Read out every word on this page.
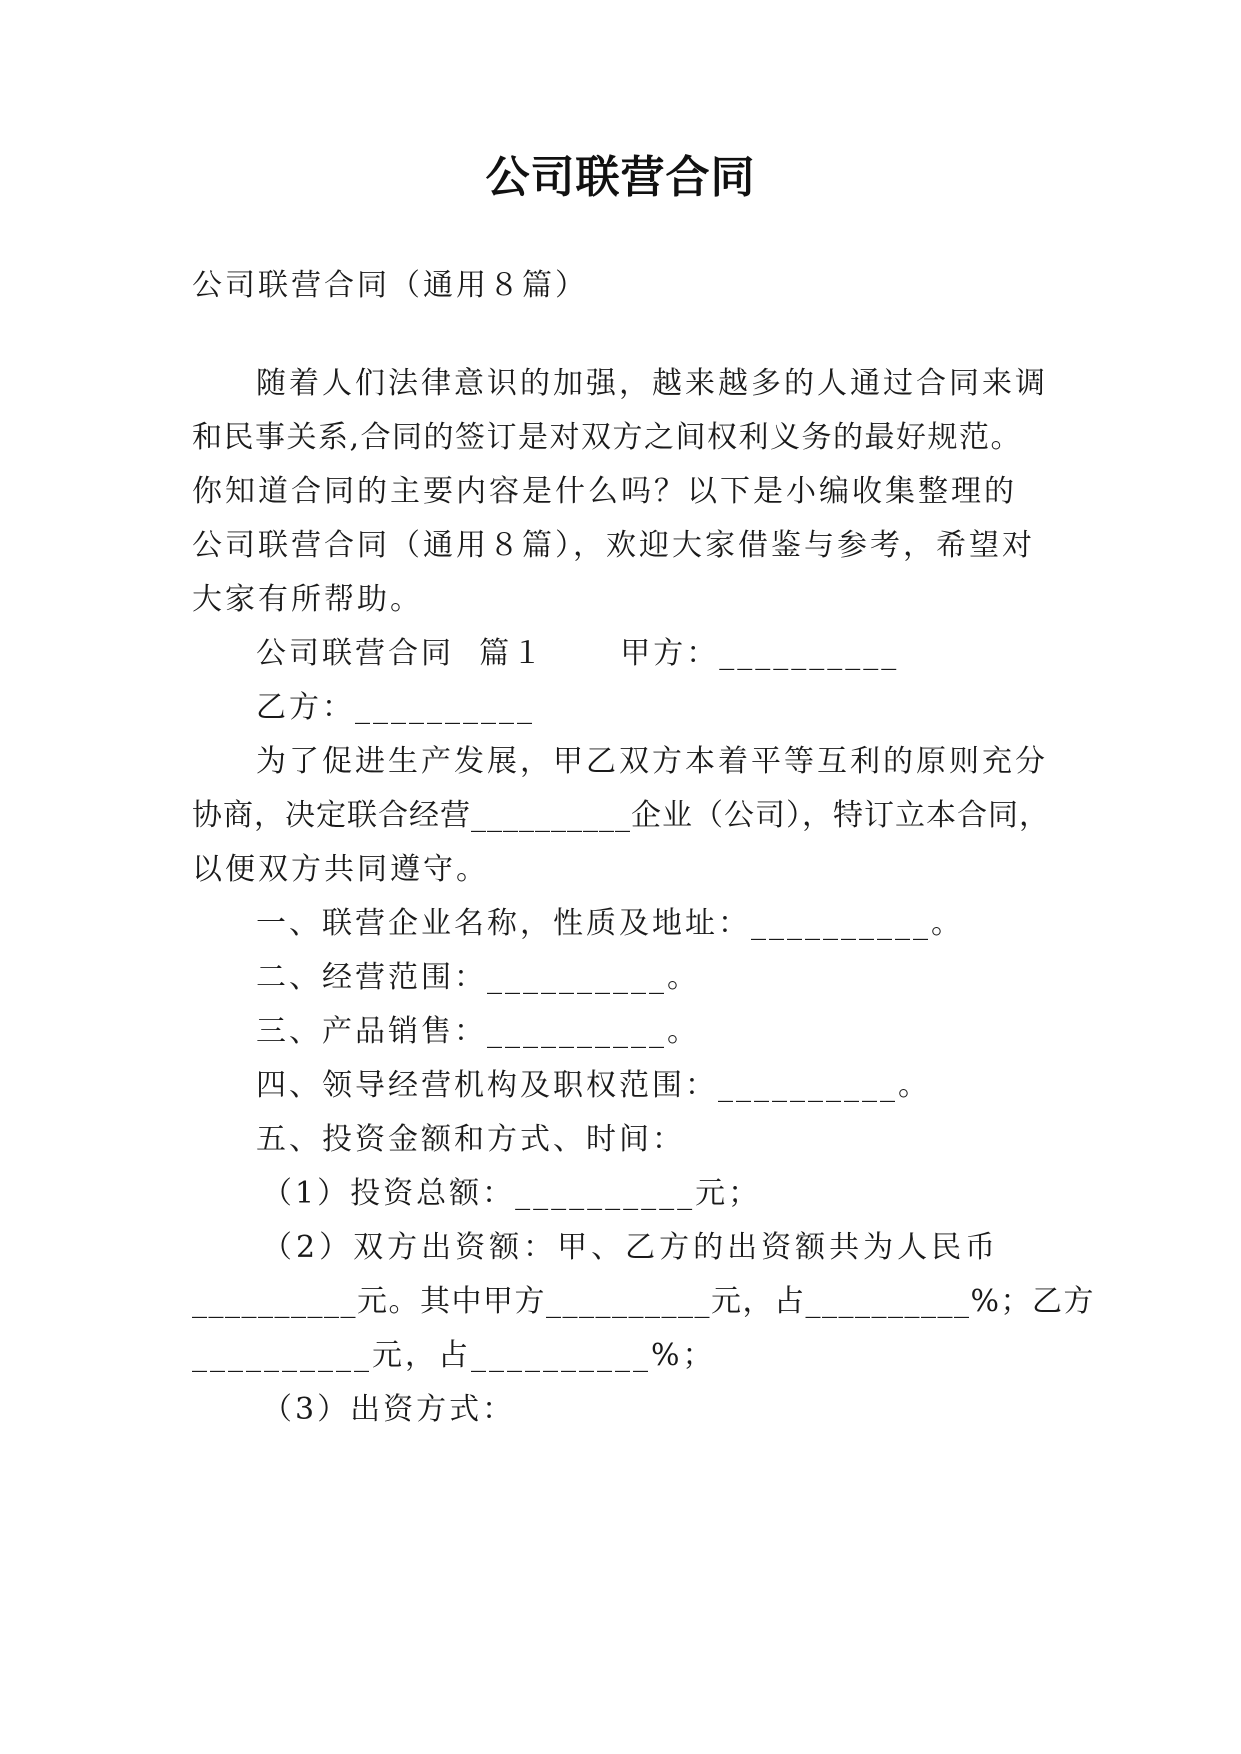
公司联营合同
公司联营合同（通用８篇）
随着人们法律意识的加强，越来越多的人通过合同来调
和民事关系,合同的签订是对双方之间权利义务的最好规范。
你知道合同的主要内容是什么吗？以下是小编收集整理的
公司联营合同（通用８篇），欢迎大家借鉴与参考，希望对
大家有所帮助。
公司联营合同  篇１      甲方：__________
乙方：__________
为了促进生产发展，甲乙双方本着平等互利的原则充分
协商，决定联合经营__________企业（公司），特订立本合同，
以便双方共同遵守。
一、联营企业名称，性质及地址：__________。
二、经营范围：__________。
三、产品销售：__________。
四、领导经营机构及职权范围：__________。
五、投资金额和方式、时间：
（1）投资总额：__________元；
（2）双方出资额：甲、乙方的出资额共为人民币
__________元。其中甲方__________元，占__________%；乙方
__________元，占__________%；
（3）出资方式：
